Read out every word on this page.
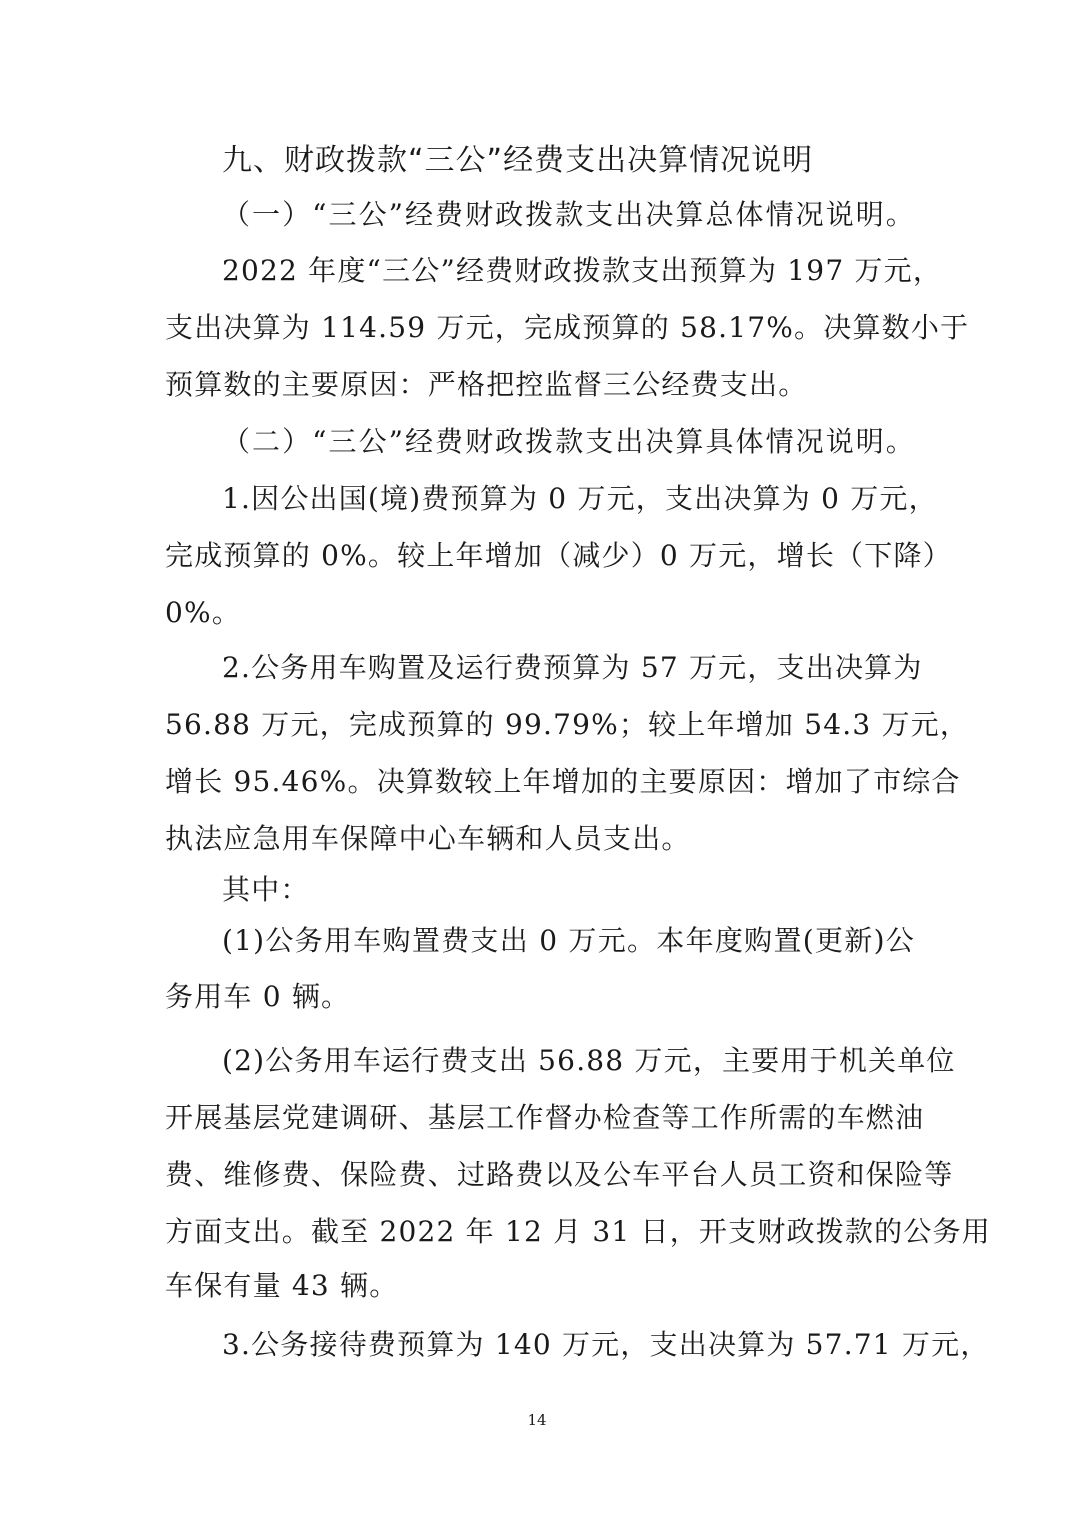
九、财政拨款“三公”经费支出决算情况说明
（一）“三公”经费财政拨款支出决算总体情况说明。
2022 年度“三公”经费财政拨款支出预算为 197 万元，
支出决算为 114.59 万元，完成预算的 58.17%。决算数小于
预算数的主要原因：严格把控监督三公经费支出。
（二）“三公”经费财政拨款支出决算具体情况说明。
1.因公出国(境)费预算为 0 万元，支出决算为 0 万元，
完成预算的 0%。较上年增加（减少）0 万元，增长（下降）
0%。
2.公务用车购置及运行费预算为 57 万元，支出决算为
56.88 万元，完成预算的 99.79%；较上年增加 54.3 万元，
增长 95.46%。决算数较上年增加的主要原因：增加了市综合
执法应急用车保障中心车辆和人员支出。
其中：
(1)公务用车购置费支出 0 万元。本年度购置(更新)公
务用车 0 辆。
(2)公务用车运行费支出 56.88 万元，主要用于机关单位
开展基层党建调研、基层工作督办检查等工作所需的车燃油
费、维修费、保险费、过路费以及公车平台人员工资和保险等
方面支出。截至 2022 年 12 月 31 日，开支财政拨款的公务用
车保有量 43 辆。
3.公务接待费预算为 140 万元，支出决算为 57.71 万元，
14
